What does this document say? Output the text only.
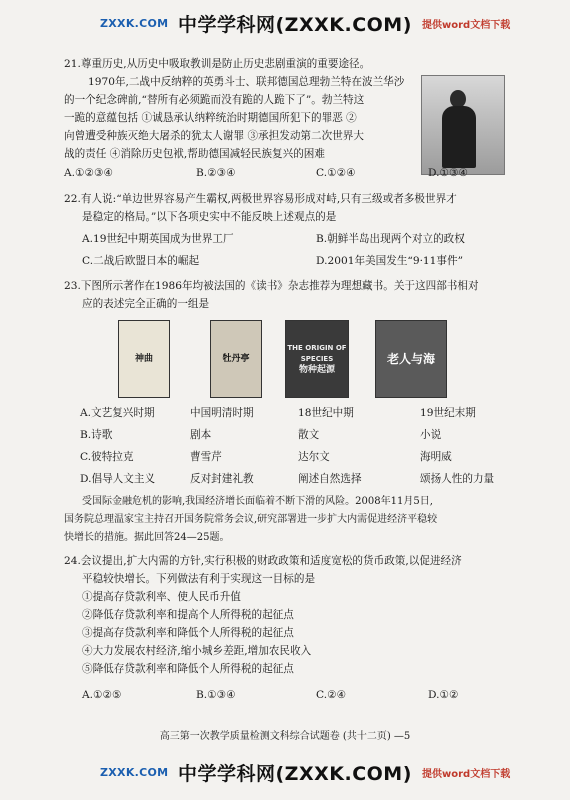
ZXXK.COM 中学学科网(ZXXK.COM) 提供word文档下载
21.尊重历史,从历史中吸取教训是防止历史悲剧重演的重要途径。
1970年,二战中反纳粹的英勇斗士、联邦德国总理勃兰特在波兰华沙
的一个纪念碑前,“替所有必须跪而没有跪的人跪下了”。勃兰特这
一跪的意蕴包括 ①诚恳承认纳粹统治时期德国所犯下的罪恶 ②
向曾遭受种族灭绝大屠杀的犹太人谢罪 ③承担发动第二次世界大
战的责任 ④消除历史包袱,帮助德国减轻民族复兴的困难
A.①②③④	B.②③④	C.①②④	D.①③④
22.有人说:“单边世界容易产生霸权,两极世界容易形成对峙,只有三级或者多极世界才
是稳定的格局。”以下各项史实中不能反映上述观点的是
A.19世纪中期英国成为世界工厂	B.朝鲜半岛出现两个对立的政权
C.二战后欧盟日本的崛起	D.2001年美国发生“9·11事件”
23.下图所示著作在1986年均被法国的《读书》杂志推荐为理想藏书。关于这四部书相对
应的表述完全正确的一组是
神曲	牡丹亭
THE ORIGIN OF SPECIES
物种起源
老人与海
A.文艺复兴时期	中国明清时期	18世纪中期	19世纪末期
B.诗歌	剧本	散文	小说
C.彼特拉克	曹雪芹	达尔文	海明威
D.倡导人文主义	反对封建礼教	阐述自然选择	颂扬人性的力量
受国际金融危机的影响,我国经济增长面临着不断下滑的风险。2008年11月5日,
国务院总理温家宝主持召开国务院常务会议,研究部署进一步扩大内需促进经济平稳较
快增长的措施。据此回答24—25题。
24.会议提出,扩大内需的方针,实行积极的财政政策和适度宽松的货币政策,以促进经济
平稳较快增长。下列做法有利于实现这一目标的是
①提高存贷款利率、使人民币升值
②降低存贷款利率和提高个人所得税的起征点
③提高存贷款利率和降低个人所得税的起征点
④大力发展农村经济,缩小城乡差距,增加农民收入
⑤降低存贷款利率和降低个人所得税的起征点
A.①②⑤	B.①③④	C.②④	D.①②
高三第一次教学质量检测文科综合试题卷 (共十二页) —5
ZXXK.COM 中学学科网(ZXXK.COM) 提供word文档下载
